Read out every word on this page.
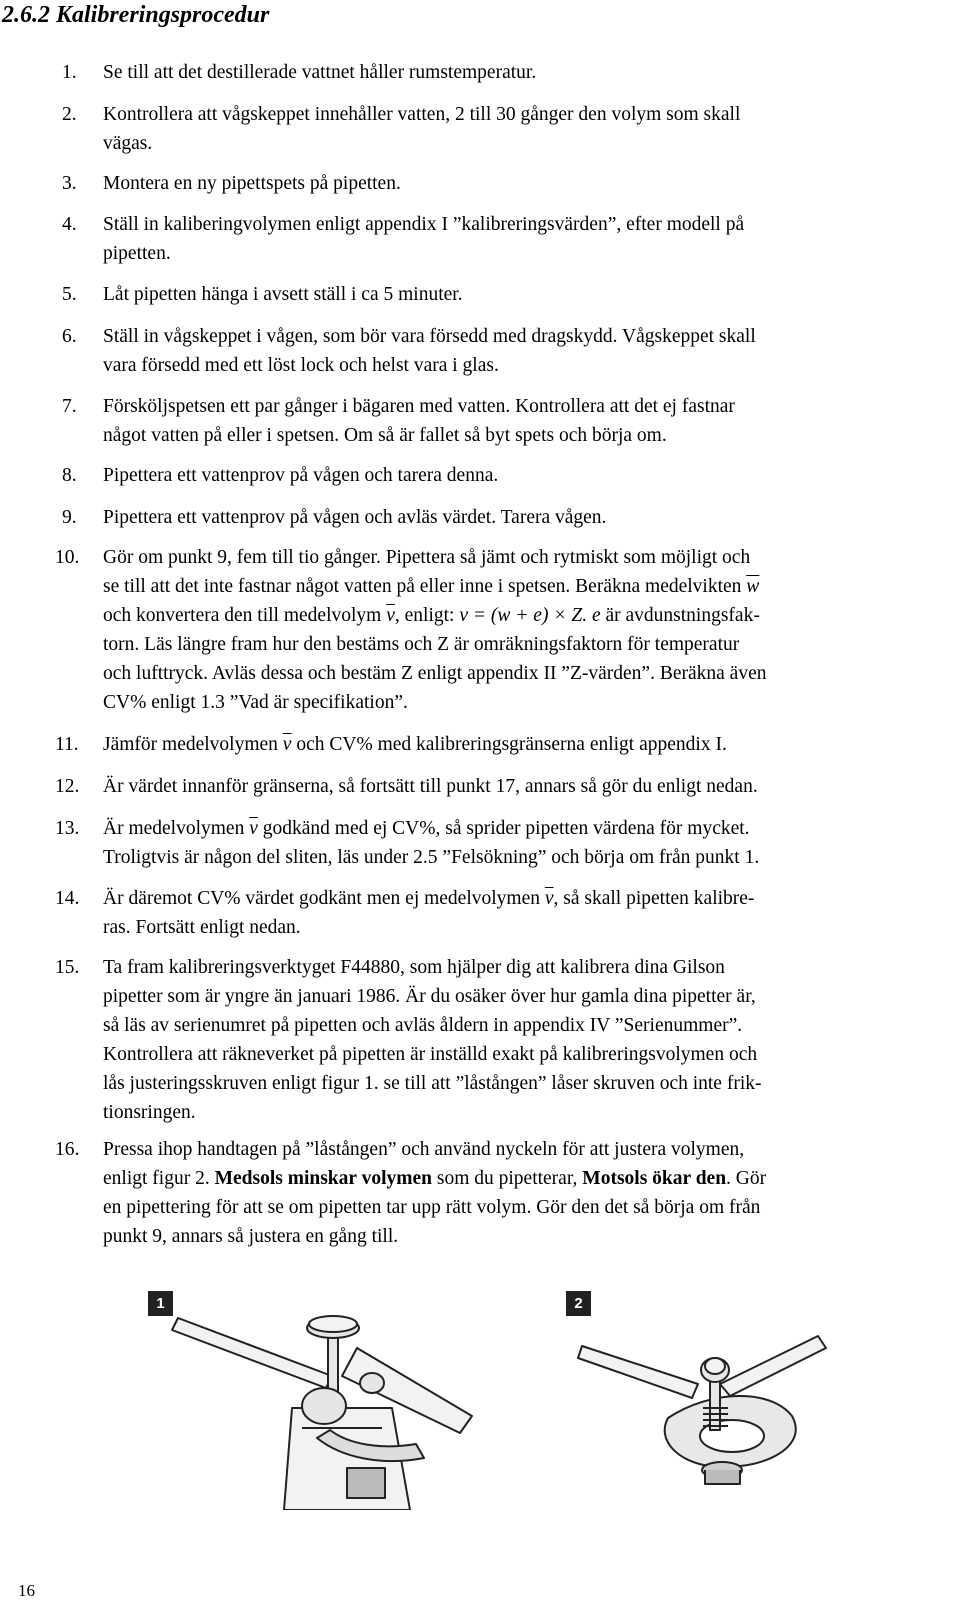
2.6.2 Kalibreringsprocedur
1. Se till att det destillerade vattnet håller rumstemperatur.
2. Kontrollera att vågskeppet innehåller vatten, 2 till 30 gånger den volym som skall
vägas.
3. Montera en ny pipettspets på pipetten.
4. Ställ in kaliberingvolymen enligt appendix I ”kalibreringsvärden”, efter modell på
pipetten.
5. Låt pipetten hänga i avsett ställ i ca 5 minuter.
6. Ställ in vågskeppet i vågen, som bör vara försedd med dragskydd. Vågskeppet skall
vara försedd med ett löst lock och helst vara i glas.
7. Försköljspetsen ett par gånger i bägaren med vatten. Kontrollera att det ej fastnar
något vatten på eller i spetsen. Om så är fallet så byt spets och börja om.
8. Pipettera ett vattenprov på vågen och tarera denna.
9. Pipettera ett vattenprov på vågen och avläs värdet. Tarera vågen.
10. Gör om punkt 9, fem till tio gånger. Pipettera så jämt och rytmiskt som möjligt och
se till att det inte fastnar något vatten på eller inne i spetsen. Beräkna medelvikten $\overline{w}$
och konvertera den till medelvolym $\overline{v}$, enligt: v = (w + e) × Z. e är avdunstningsfak-
torn. Läs längre fram hur den bestäms och Z är omräkningsfaktorn för temperatur
och lufttryck. Avläs dessa och bestäm Z enligt appendix II ”Z-värden”. Beräkna även
CV% enligt 1.3 ”Vad är specifikation”.
11. Jämför medelvolymen $\overline{v}$ och CV% med kalibreringsgränserna enligt appendix I.
12. Är värdet innanför gränserna, så fortsätt till punkt 17, annars så gör du enligt nedan.
13. Är medelvolymen $\overline{v}$ godkänd med ej CV%, så sprider pipetten värdena för mycket.
Troligtvis är någon del sliten, läs under 2.5 ”Felsökning” och börja om från punkt 1.
14. Är däremot CV% värdet godkänt men ej medelvolymen $\overline{v}$, så skall pipetten kalibre-
ras. Fortsätt enligt nedan.
15. Ta fram kalibreringsverktyget F44880, som hjälper dig att kalibrera dina Gilson
pipetter som är yngre än januari 1986. Är du osäker över hur gamla dina pipetter är,
så läs av serienumret på pipetten och avläs åldern in appendix IV ”Serienummer”.
Kontrollera att räkneverket på pipetten är inställd exakt på kalibreringsvolymen och
lås justeringsskruven enligt figur 1. se till att ”låstången” låser skruven och inte frik-
tionsringen.
16. Pressa ihop handtagen på ”låstången” och använd nyckeln för att justera volymen,
enligt figur 2. Medsols minskar volymen som du pipetterar, Motsols ökar den. Gör
en pipettering för att se om pipetten tar upp rätt volym. Gör den det så börja om från
punkt 9, annars så justera en gång till.
1	2
16
